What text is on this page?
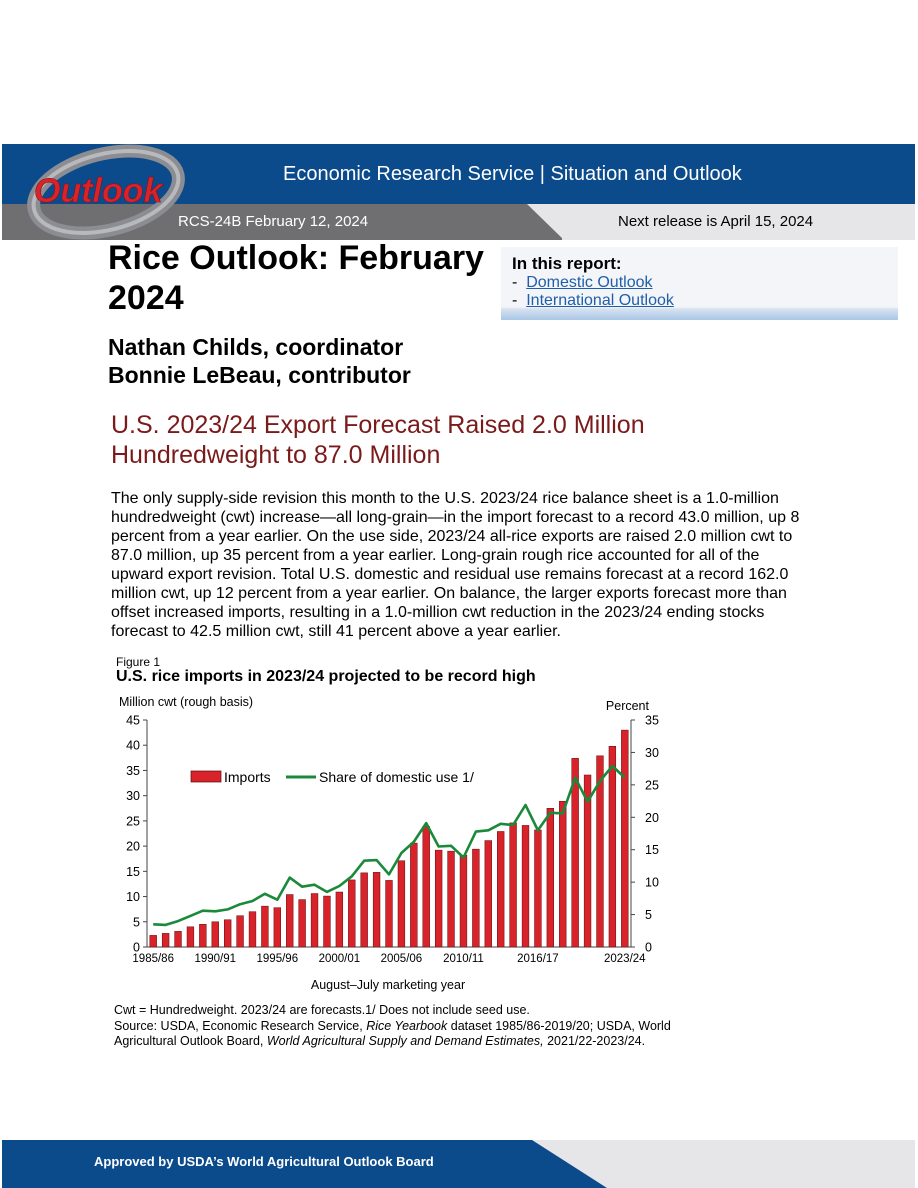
Economic Research Service | Situation and Outlook
RCS-24B February 12, 2024	Next release is April 15, 2024
Outlook
Rice Outlook: February 2024
Nathan Childs, coordinator
Bonnie LeBeau, contributor
In this report:
- Domestic Outlook
- International Outlook
U.S. 2023/24 Export Forecast Raised 2.0 Million Hundredweight to 87.0 Million
The only supply-side revision this month to the U.S. 2023/24 rice balance sheet is a 1.0-million hundredweight (cwt) increase—all long-grain—in the import forecast to a record 43.0 million, up 8 percent from a year earlier. On the use side, 2023/24 all-rice exports are raised 2.0 million cwt to 87.0 million, up 35 percent from a year earlier. Long-grain rough rice accounted for all of the upward export revision. Total U.S. domestic and residual use remains forecast at a record 162.0 million cwt, up 12 percent from a year earlier. On balance, the larger exports forecast more than offset increased imports, resulting in a 1.0-million cwt reduction in the 2023/24 ending stocks forecast to 42.5 million cwt, still 41 percent above a year earlier.
Figure 1
U.S. rice imports in 2023/24 projected to be record high
Million cwt (rough basis)	Percent
0
5
10
15
20
25
30
35
40
45
0
5
10
15
20
25
30
35
1985/86 1990/91 1995/96 2000/01 2005/06 2010/11	2016/17	2023/24
Imports	Share of domestic use 1/
August–July marketing year
Cwt = Hundredweight. 2023/24 are forecasts.1/ Does not include seed use.
Source: USDA, Economic Research Service, Rice Yearbook dataset 1985/86-2019/20; USDA, World Agricultural Outlook Board, World Agricultural Supply and Demand Estimates, 2021/22-2023/24.
Approved by USDA’s World Agricultural Outlook Board
